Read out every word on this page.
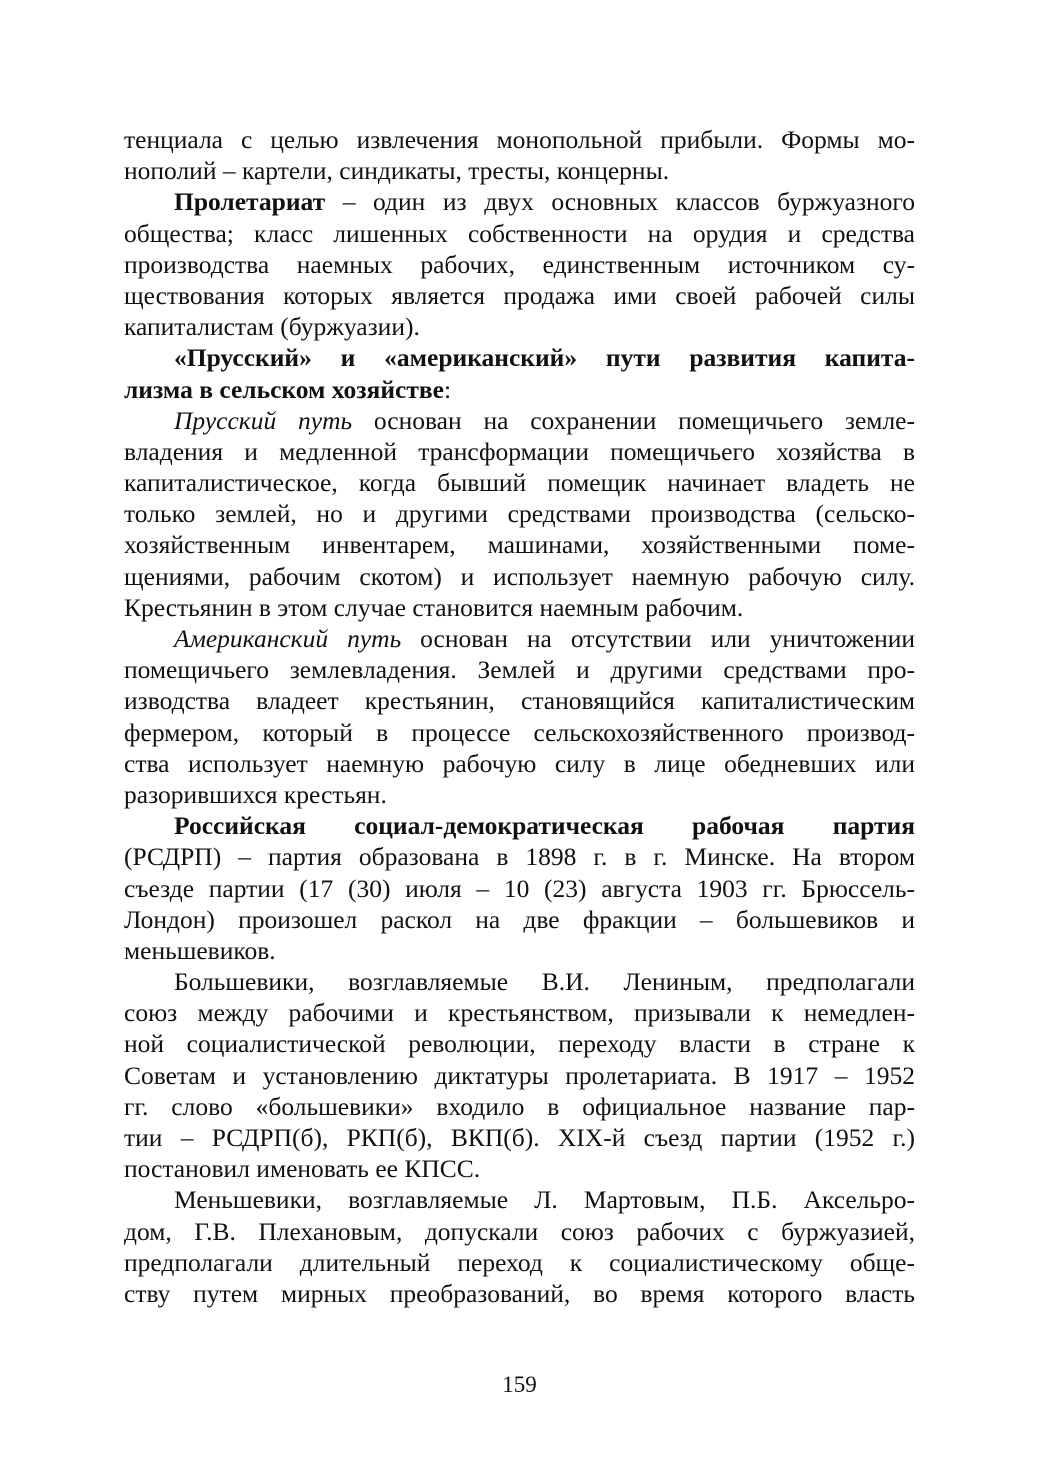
тенциала с целью извлечения монопольной прибыли. Формы мо-
нополий – картели, синдикаты, тресты, концерны.
Пролетариат – один из двух основных классов буржуазного
общества; класс лишенных собственности на орудия и средства
производства наемных рабочих, единственным источником су-
ществования которых является продажа ими своей рабочей силы
капиталистам (буржуазии).
«Прусский» и «американский» пути развития капита-
лизма в сельском хозяйстве:
Прусский путь основан на сохранении помещичьего земле-
владения и медленной трансформации помещичьего хозяйства в
капиталистическое, когда бывший помещик начинает владеть не
только землей, но и другими средствами производства (сельско-
хозяйственным инвентарем, машинами, хозяйственными поме-
щениями, рабочим скотом) и использует наемную рабочую силу.
Крестьянин в этом случае становится наемным рабочим.
Американский путь основан на отсутствии или уничтожении
помещичьего землевладения. Землей и другими средствами про-
изводства владеет крестьянин, становящийся капиталистическим
фермером, который в процессе сельскохозяйственного производ-
ства использует наемную рабочую силу в лице обедневших или
разорившихся крестьян.
Российская социал-демократическая рабочая партия
(РСДРП) – партия образована в 1898 г. в г. Минске. На втором
съезде партии (17 (30) июля – 10 (23) августа 1903 гг. Брюссель-
Лондон) произошел раскол на две фракции – большевиков и
меньшевиков.
Большевики, возглавляемые В.И. Лениным, предполагали
союз между рабочими и крестьянством, призывали к немедлен-
ной социалистической революции, переходу власти в стране к
Советам и установлению диктатуры пролетариата. В 1917 – 1952
гг. слово «большевики» входило в официальное название пар-
тии – РСДРП(б), РКП(б), ВКП(б). XIX-й съезд партии (1952 г.)
постановил именовать ее КПСС.
Меньшевики, возглавляемые Л. Мартовым, П.Б. Аксельро-
дом, Г.В. Плехановым, допускали союз рабочих с буржуазией,
предполагали длительный переход к социалистическому обще-
ству путем мирных преобразований, во время которого власть
159
